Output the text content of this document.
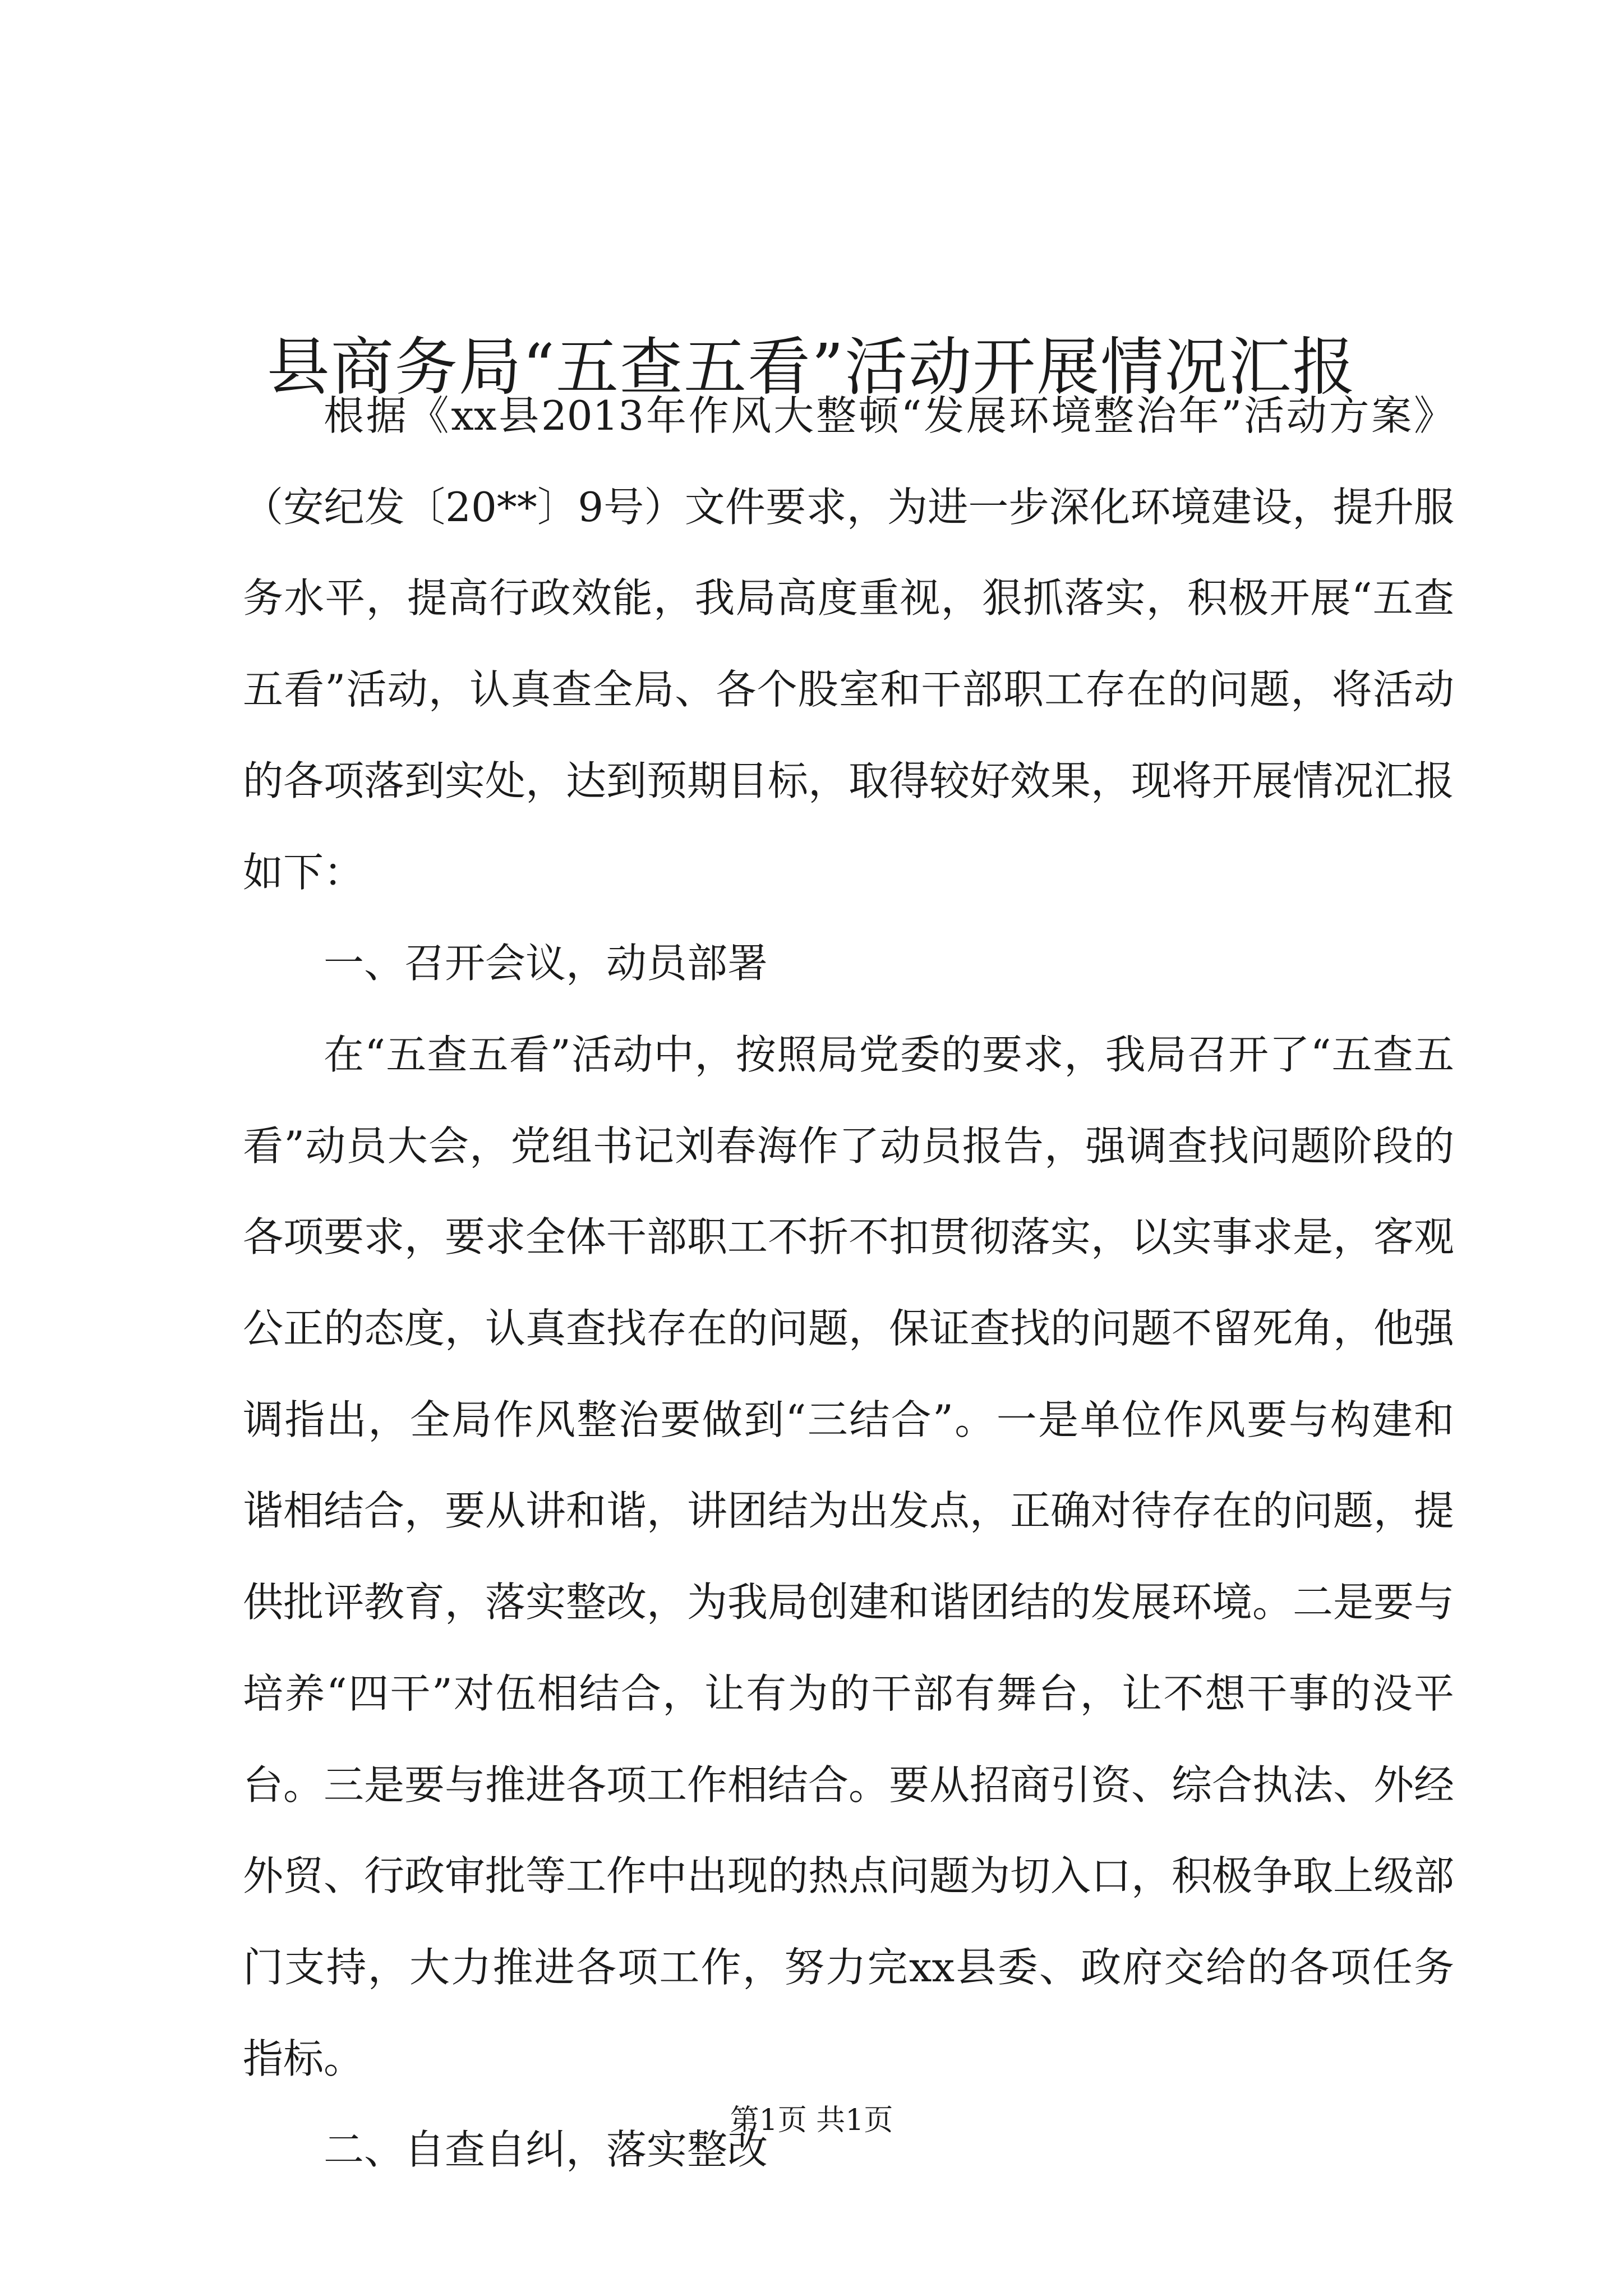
县商务局“五查五看”活动开展情况汇报

根据《xx县2013年作风大整顿“发展环境整治年”活动方案》（安纪发〔20**〕9号）文件要求，为进一步深化环境建设，提升服务水平，提高行政效能，我局高度重视，狠抓落实，积极开展“五查五看”活动，认真查全局、各个股室和干部职工存在的问题，将活动的各项落到实处，达到预期目标，取得较好效果，现将开展情况汇报如下：

一、召开会议，动员部署

在“五查五看”活动中，按照局党委的要求，我局召开了“五查五看”动员大会，党组书记刘春海作了动员报告，强调查找问题阶段的各项要求，要求全体干部职工不折不扣贯彻落实，以实事求是，客观公正的态度，认真查找存在的问题，保证查找的问题不留死角，他强调指出，全局作风整治要做到“三结合”。一是单位作风要与构建和谐相结合，要从讲和谐，讲团结为出发点，正确对待存在的问题，提供批评教育，落实整改，为我局创建和谐团结的发展环境。二是要与培养“四干”对伍相结合，让有为的干部有舞台，让不想干事的没平台。三是要与推进各项工作相结合。要从招商引资、综合执法、外经外贸、行政审批等工作中出现的热点问题为切入口，积极争取上级部门支持，大力推进各项工作，努力完xx县委、政府交给的各项任务指标。

二、自查自纠，落实整改

第1页 共1页
